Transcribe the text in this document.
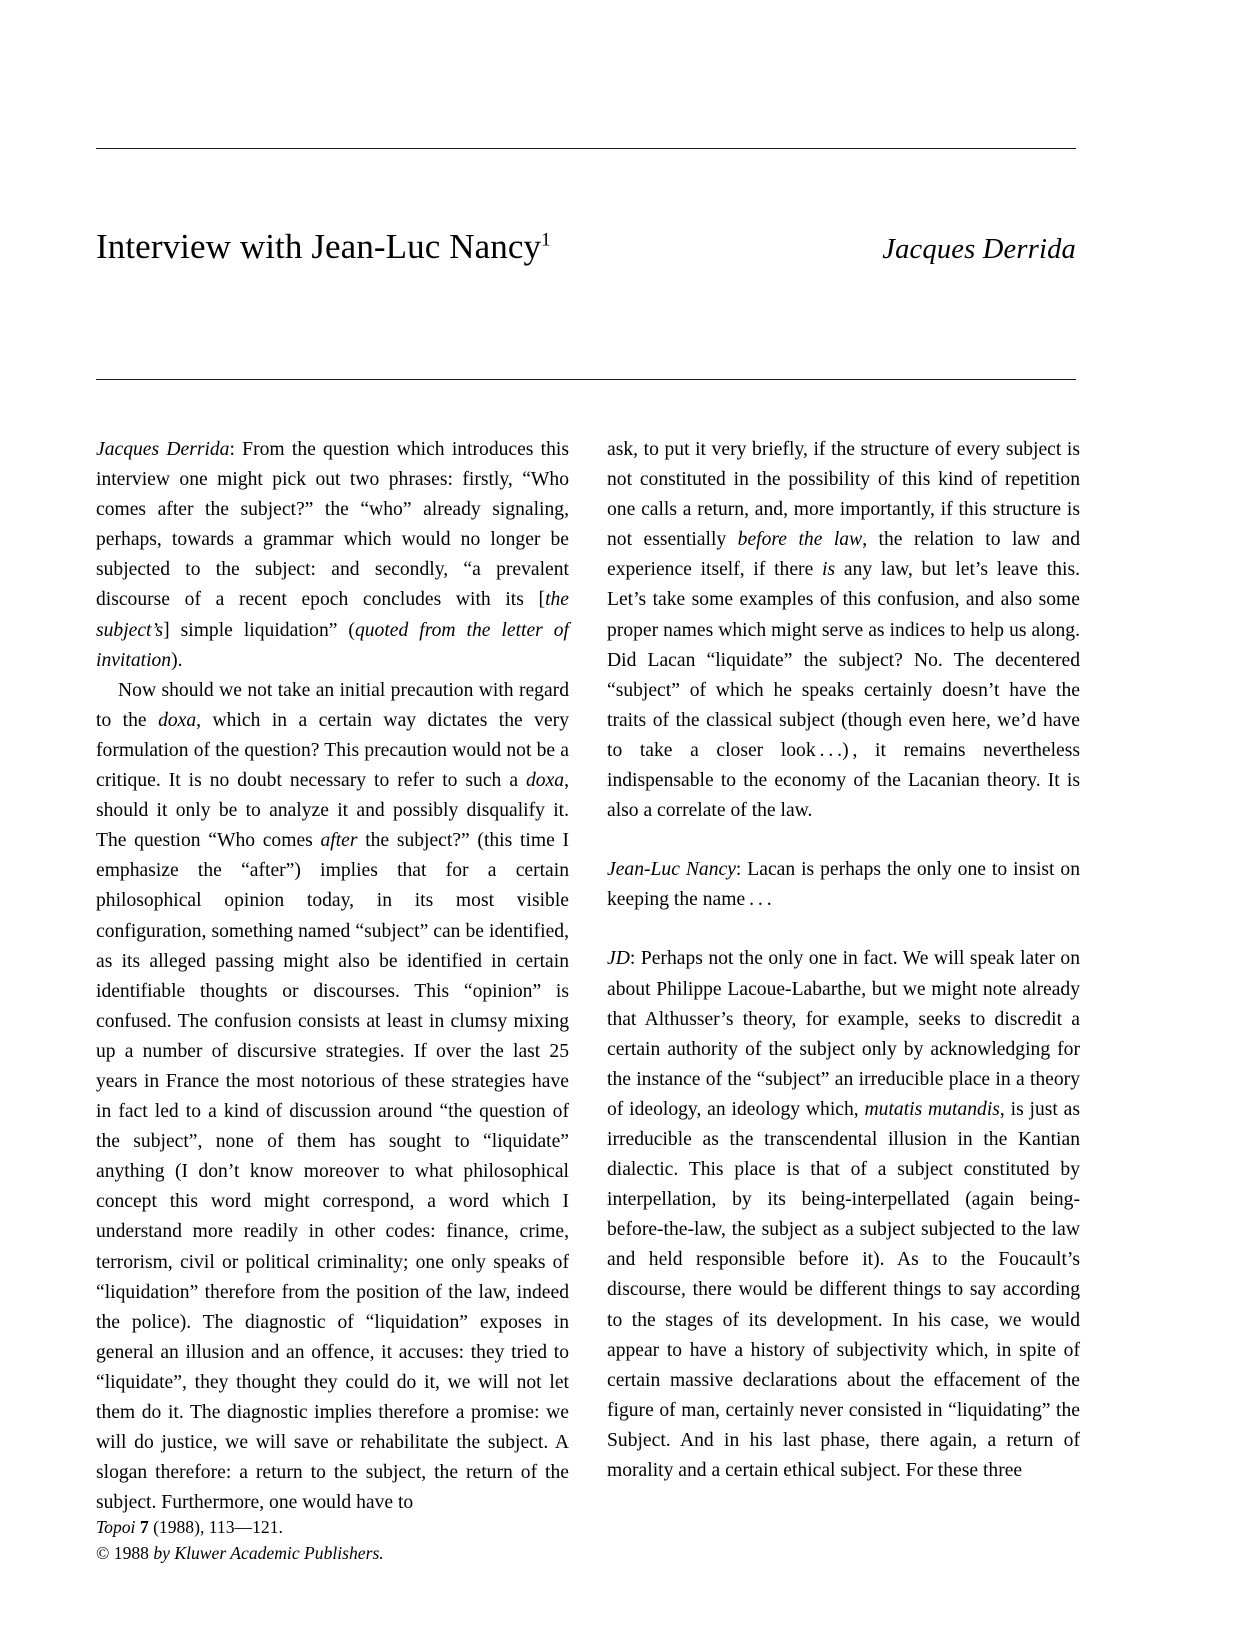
Interview with Jean-Luc Nancy$^1$	Jacques Derrida

Jacques Derrida: From the question which introduces this interview one might pick out two phrases: firstly, “Who comes after the subject?” the “who” already signaling, perhaps, towards a grammar which would no longer be subjected to the subject: and secondly, “a prevalent discourse of a recent epoch concludes with its [the subject’s] simple liquidation” (quoted from the letter of invitation).

Now should we not take an initial precaution with regard to the doxa, which in a certain way dictates the very formulation of the question? This precaution would not be a critique. It is no doubt necessary to refer to such a doxa, should it only be to analyze it and possibly disqualify it. The question “Who comes after the subject?” (this time I emphasize the “after”) implies that for a certain philosophical opinion today, in its most visible configuration, something named “subject” can be identified, as its alleged passing might also be identified in certain identifiable thoughts or discourses. This “opinion” is confused. The confusion consists at least in clumsy mixing up a number of discursive strategies. If over the last 25 years in France the most notorious of these strategies have in fact led to a kind of discussion around “the question of the subject”, none of them has sought to “liquidate” anything (I don’t know moreover to what philosophical concept this word might correspond, a word which I understand more readily in other codes: finance, crime, terrorism, civil or political criminality; one only speaks of “liquidation” therefore from the position of the law, indeed the police). The diagnostic of “liquidation” exposes in general an illusion and an offence, it accuses: they tried to “liquidate”, they thought they could do it, we will not let them do it. The diagnostic implies therefore a promise: we will do justice, we will save or rehabilitate the subject. A slogan therefore: a return to the subject, the return of the subject. Furthermore, one would have to

ask, to put it very briefly, if the structure of every subject is not constituted in the possibility of this kind of repetition one calls a return, and, more importantly, if this structure is not essentially before the law, the relation to law and experience itself, if there is any law, but let’s leave this. Let’s take some examples of this confusion, and also some proper names which might serve as indices to help us along. Did Lacan “liquidate” the subject? No. The decentered “subject” of which he speaks certainly doesn’t have the traits of the classical subject (though even here, we’d have to take a closer look . . .) , it remains nevertheless indispensable to the economy of the Lacanian theory. It is also a correlate of the law.

Jean-Luc Nancy: Lacan is perhaps the only one to insist on keeping the name . . .

JD: Perhaps not the only one in fact. We will speak later on about Philippe Lacoue-Labarthe, but we might note already that Althusser’s theory, for example, seeks to discredit a certain authority of the subject only by acknowledging for the instance of the “subject” an irreducible place in a theory of ideology, an ideology which, mutatis mutandis, is just as irreducible as the transcendental illusion in the Kantian dialectic. This place is that of a subject constituted by interpellation, by its being-interpellated (again being-before-the-law, the subject as a subject subjected to the law and held responsible before it). As to the Foucault’s discourse, there would be different things to say according to the stages of its development. In his case, we would appear to have a history of subjectivity which, in spite of certain massive declarations about the effacement of the figure of man, certainly never consisted in “liquidating” the Subject. And in his last phase, there again, a return of morality and a certain ethical subject. For these three

Topoi 7 (1988), 113—121.
© 1988 by Kluwer Academic Publishers.
